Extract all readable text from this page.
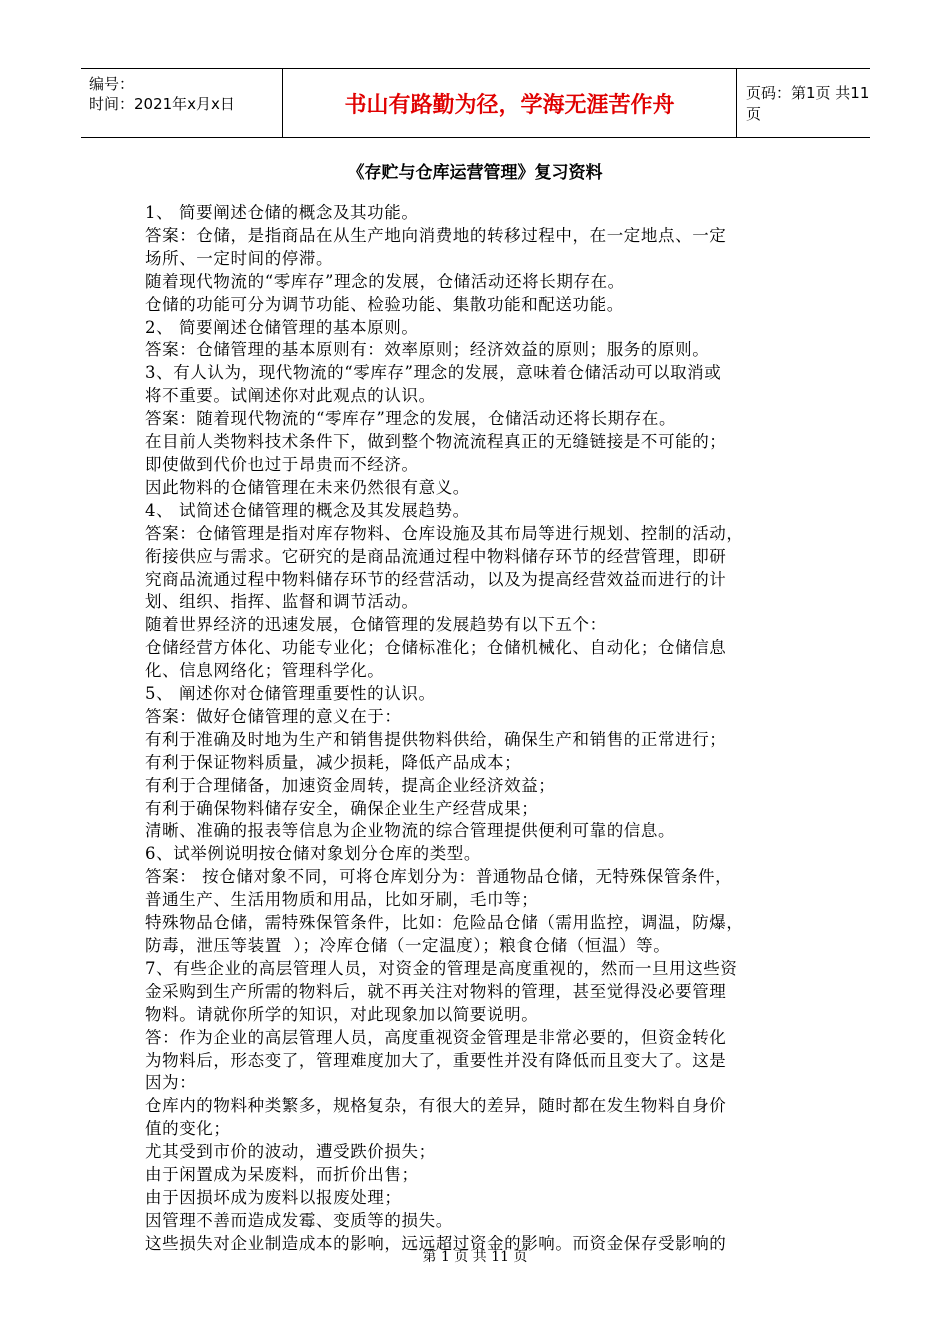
编号：
时间：2021年x月x日	书山有路勤为径，学海无涯苦作舟	页码：第1页 共11页
《存贮与仓库运营管理》复习资料

1、 简要阐述仓储的概念及其功能。

答案：仓储，是指商品在从生产地向消费地的转移过程中，在一定地点、一定

场所、一定时间的停滞。

随着现代物流的“零库存”理念的发展，仓储活动还将长期存在。

仓储的功能可分为调节功能、检验功能、集散功能和配送功能。

2、 简要阐述仓储管理的基本原则。

答案：仓储管理的基本原则有：效率原则；经济效益的原则；服务的原则。

3、有人认为，现代物流的“零库存”理念的发展，意味着仓储活动可以取消或

将不重要。试阐述你对此观点的认识。

答案：随着现代物流的“零库存”理念的发展，仓储活动还将长期存在。

在目前人类物料技术条件下，做到整个物流流程真正的无缝链接是不可能的；

即使做到代价也过于昂贵而不经济。

因此物料的仓储管理在未来仍然很有意义。

4、 试简述仓储管理的概念及其发展趋势。

答案：仓储管理是指对库存物料、仓库设施及其布局等进行规划、控制的活动，

衔接供应与需求。它研究的是商品流通过程中物料储存环节的经营管理，即研

究商品流通过程中物料储存环节的经营活动，以及为提高经营效益而进行的计

划、组织、指挥、监督和调节活动。

随着世界经济的迅速发展，仓储管理的发展趋势有以下五个：

仓储经营方体化、功能专业化；仓储标准化；仓储机械化、自动化；仓储信息

化、信息网络化；管理科学化。

5、 阐述你对仓储管理重要性的认识。

答案：做好仓储管理的意义在于：

有利于准确及时地为生产和销售提供物料供给，确保生产和销售的正常进行；

有利于保证物料质量，减少损耗，降低产品成本；

有利于合理储备，加速资金周转，提高企业经济效益；

有利于确保物料储存安全，确保企业生产经营成果；

清晰、准确的报表等信息为企业物流的综合管理提供便利可靠的信息。

6、试举例说明按仓储对象划分仓库的类型。

答案： 按仓储对象不同，可将仓库划分为：普通物品仓储，无特殊保管条件，

普通生产、生活用物质和用品，比如牙刷，毛巾等；

特殊物品仓储，需特殊保管条件，比如：危险品仓储（需用监控，调温，防爆，

防毒，泄压等装置  ）；冷库仓储（一定温度）；粮食仓储（恒温）等。

7、有些企业的高层管理人员，对资金的管理是高度重视的，然而一旦用这些资

金采购到生产所需的物料后，就不再关注对物料的管理，甚至觉得没必要管理

物料。请就你所学的知识，对此现象加以简要说明。

答：作为企业的高层管理人员，高度重视资金管理是非常必要的，但资金转化

为物料后，形态变了，管理难度加大了，重要性并没有降低而且变大了。这是

因为：

仓库内的物料种类繁多，规格复杂，有很大的差异，随时都在发生物料自身价

值的变化；

尤其受到市价的波动，遭受跌价损失；

由于闲置成为呆废料，而折价出售；

由于因损坏成为废料以报废处理；

因管理不善而造成发霉、变质等的损失。

这些损失对企业制造成本的影响，远远超过资金的影响。而资金保存受影响的

第 1 页 共 11 页
